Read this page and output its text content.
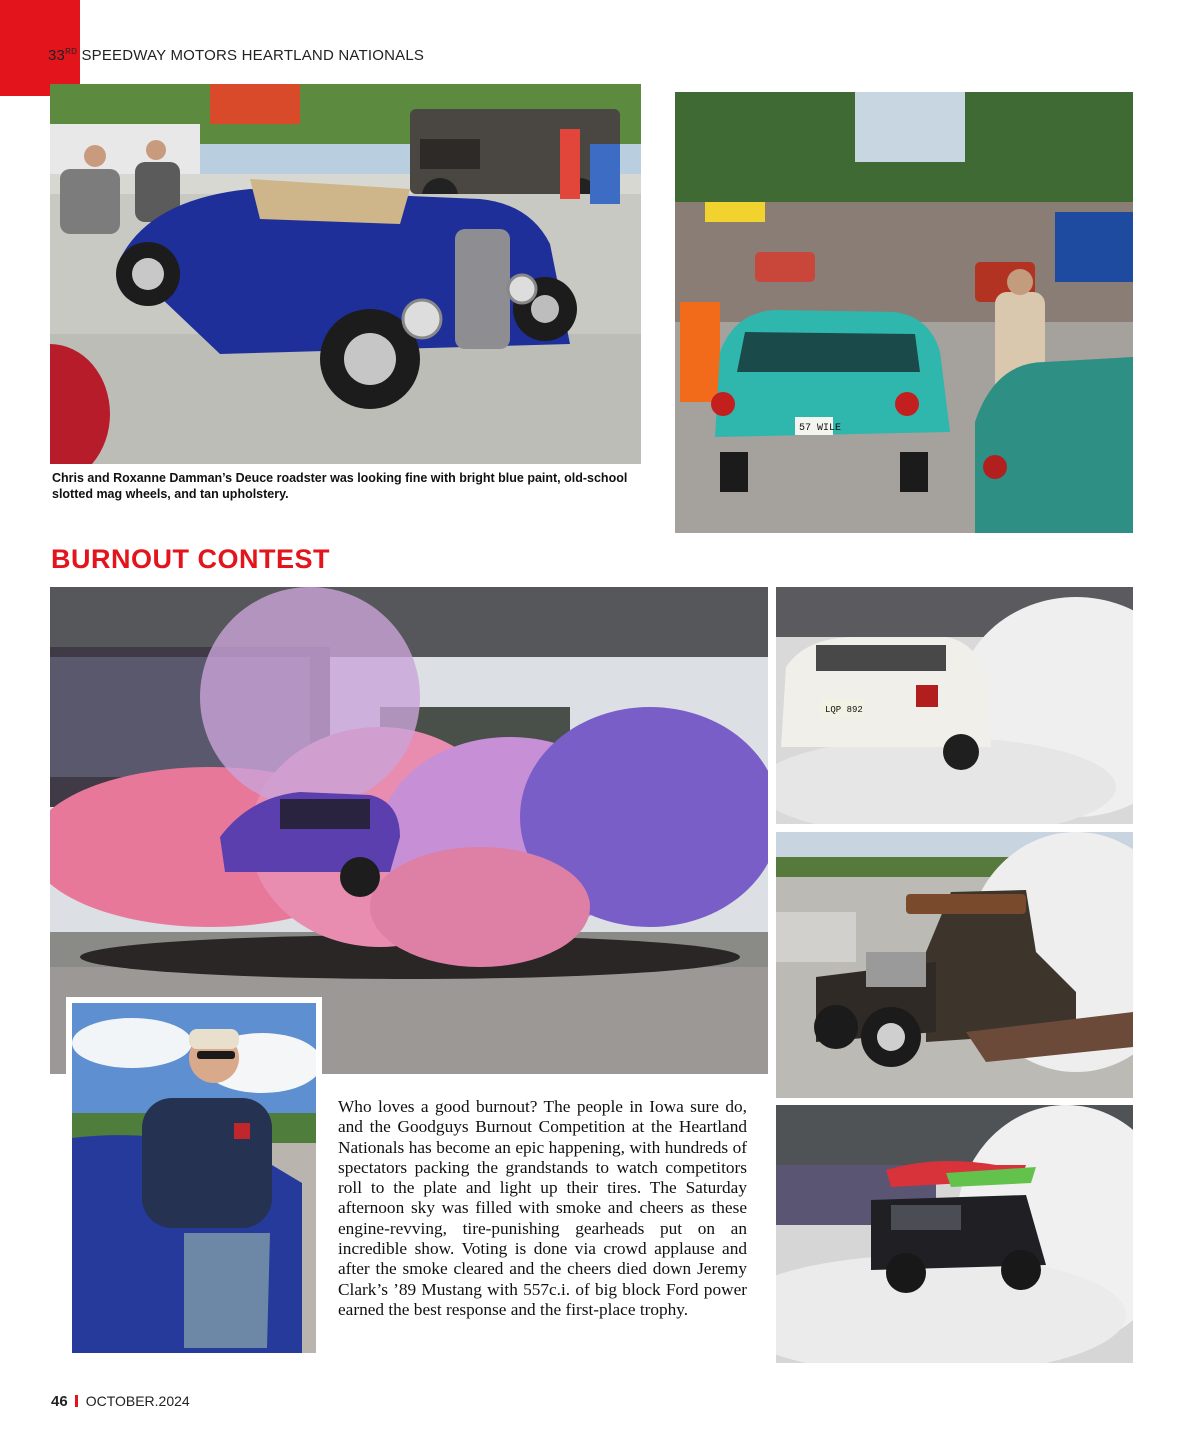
33RD SPEEDWAY MOTORS HEARTLAND NATIONALS
Chris and Roxanne Damman’s Deuce roadster was looking fine with bright blue paint, old-school slotted mag wheels, and tan upholstery.
57 WILE
BURNOUT CONTEST
Who loves a good burnout? The people in Iowa sure do, and the Goodguys Burnout Competition at the Heartland Nationals has become an epic happening, with hundreds of spectators packing the grandstands to watch competitors roll to the plate and light up their tires. The Saturday afternoon sky was filled with smoke and cheers as these engine-revving, tire-punishing gearheads put on an incredible show. Voting is done via crowd applause and after the smoke cleared and the cheers died down Jeremy Clark’s ’89 Mustang with 557c.i. of big block Ford power earned the best response and the first-place trophy.
LQP 892
46 OCTOBER.2024
